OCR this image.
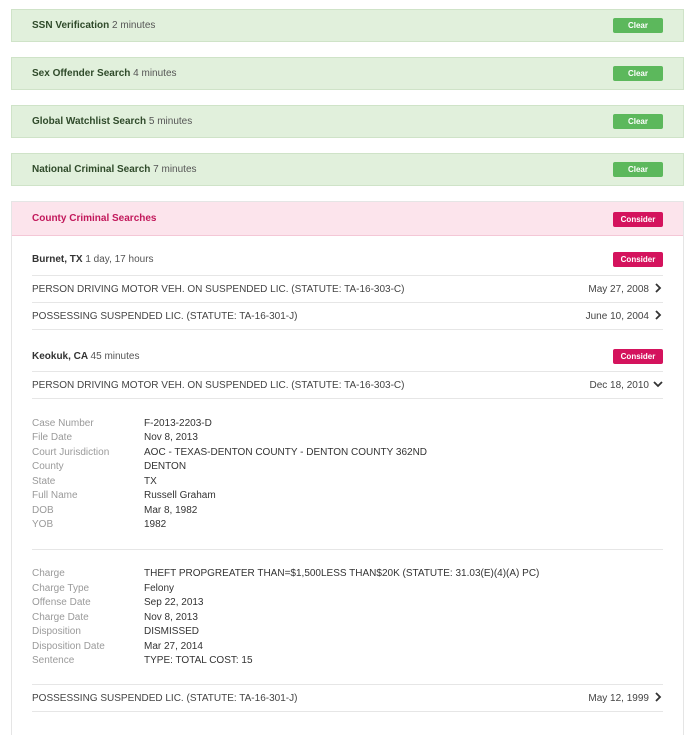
SSN Verification 2 minutes	Clear
Sex Offender Search 4 minutes	Clear
Global Watchlist Search 5 minutes	Clear
National Criminal Search 7 minutes	Clear
County Criminal Searches	Consider
Burnet, TX 1 day, 17 hours	Consider
PERSON DRIVING MOTOR VEH. ON SUSPENDED LIC. (STATUTE: TA-16-303-C)	May 27, 2008
POSSESSING SUSPENDED LIC. (STATUTE: TA-16-301-J)	June 10, 2004
Keokuk, CA 45 minutes	Consider
PERSON DRIVING MOTOR VEH. ON SUSPENDED LIC. (STATUTE: TA-16-303-C)	Dec 18, 2010
Case Number	F-2013-2203-D
File Date	Nov 8, 2013
Court Jurisdiction	AOC - TEXAS-DENTON COUNTY - DENTON COUNTY 362ND
County	DENTON
State	TX
Full Name	Russell Graham
DOB	Mar 8, 1982
YOB	1982
Charge	THEFT PROPGREATER THAN=$1,500LESS THAN$20K (STATUTE: 31.03(E)(4)(A) PC)
Charge Type	Felony
Offense Date	Sep 22, 2013
Charge Date	Nov 8, 2013
Disposition	DISMISSED
Disposition Date	Mar 27, 2014
Sentence	TYPE: TOTAL COST: 15
POSSESSING SUSPENDED LIC. (STATUTE: TA-16-301-J)	May 12, 1999
